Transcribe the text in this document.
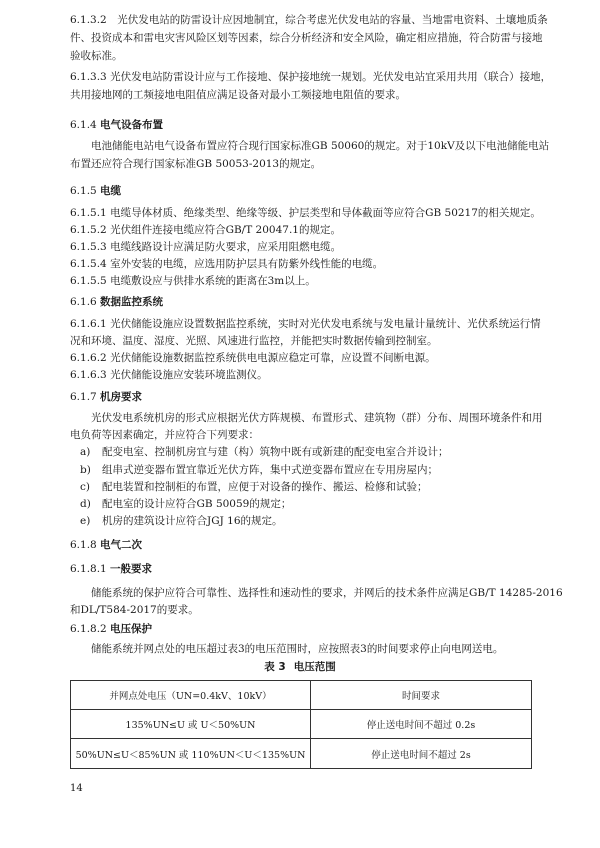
6.1.3.2　光伏发电站的防雷设计应因地制宜，综合考虑光伏发电站的容量、当地雷电资料、土壤地质条
件、投资成本和雷电灾害风险区划等因素，综合分析经济和安全风险，确定相应措施，符合防雷与接地
验收标准。
6.1.3.3 光伏发电站防雷设计应与工作接地、保护接地统一规划。光伏发电站宜采用共用（联合）接地，
共用接地网的工频接地电阻值应满足设备对最小工频接地电阻值的要求。
6.1.4 电气设备布置
电池储能电站电气设备布置应符合现行国家标准GB 50060的规定。对于10kV及以下电池储能电站
布置还应符合现行国家标准GB 50053-2013的规定。
6.1.5 电缆
6.1.5.1 电缆导体材质、绝缘类型、绝缘等级、护层类型和导体截面等应符合GB 50217的相关规定。
6.1.5.2 光伏组件连接电缆应符合GB/T 20047.1的规定。
6.1.5.3 电缆线路设计应满足防火要求，应采用阻燃电缆。
6.1.5.4 室外安装的电缆，应选用防护层具有防紫外线性能的电缆。
6.1.5.5 电缆敷设应与供排水系统的距离在3m以上。
6.1.6 数据监控系统
6.1.6.1 光伏储能设施应设置数据监控系统，实时对光伏发电系统与发电量计量统计、光伏系统运行情
况和环境、温度、湿度、光照、风速进行监控，并能把实时数据传输到控制室。
6.1.6.2 光伏储能设施数据监控系统供电电源应稳定可靠，应设置不间断电源。
6.1.6.3 光伏储能设施应安装环境监测仪。
6.1.7 机房要求
光伏发电系统机房的形式应根据光伏方阵规模、布置形式、建筑物（群）分布、周围环境条件和用
电负荷等因素确定，并应符合下列要求：
a) 配变电室、控制机房宜与建（构）筑物中既有或新建的配变电室合并设计；
b) 组串式逆变器布置宜靠近光伏方阵，集中式逆变器布置应在专用房屋内；
c) 配电装置和控制柜的布置，应便于对设备的操作、搬运、检修和试验；
d) 配电室的设计应符合GB 50059的规定；
e) 机房的建筑设计应符合JGJ 16的规定。
6.1.8 电气二次
6.1.8.1 一般要求
储能系统的保护应符合可靠性、选择性和速动性的要求，并网后的技术条件应满足GB/T 14285-2016
和DL/T584-2017的要求。
6.1.8.2 电压保护
储能系统并网点处的电压超过表3的电压范围时，应按照表3的时间要求停止向电网送电。
表 3 电压范围
并网点处电压（UN=0.4kV、10kV）	时间要求
135%UN≤U 或 U＜50%UN	停止送电时间不超过 0.2s
50%UN≤U＜85%UN 或 110%UN＜U＜135%UN	停止送电时间不超过 2s
14
